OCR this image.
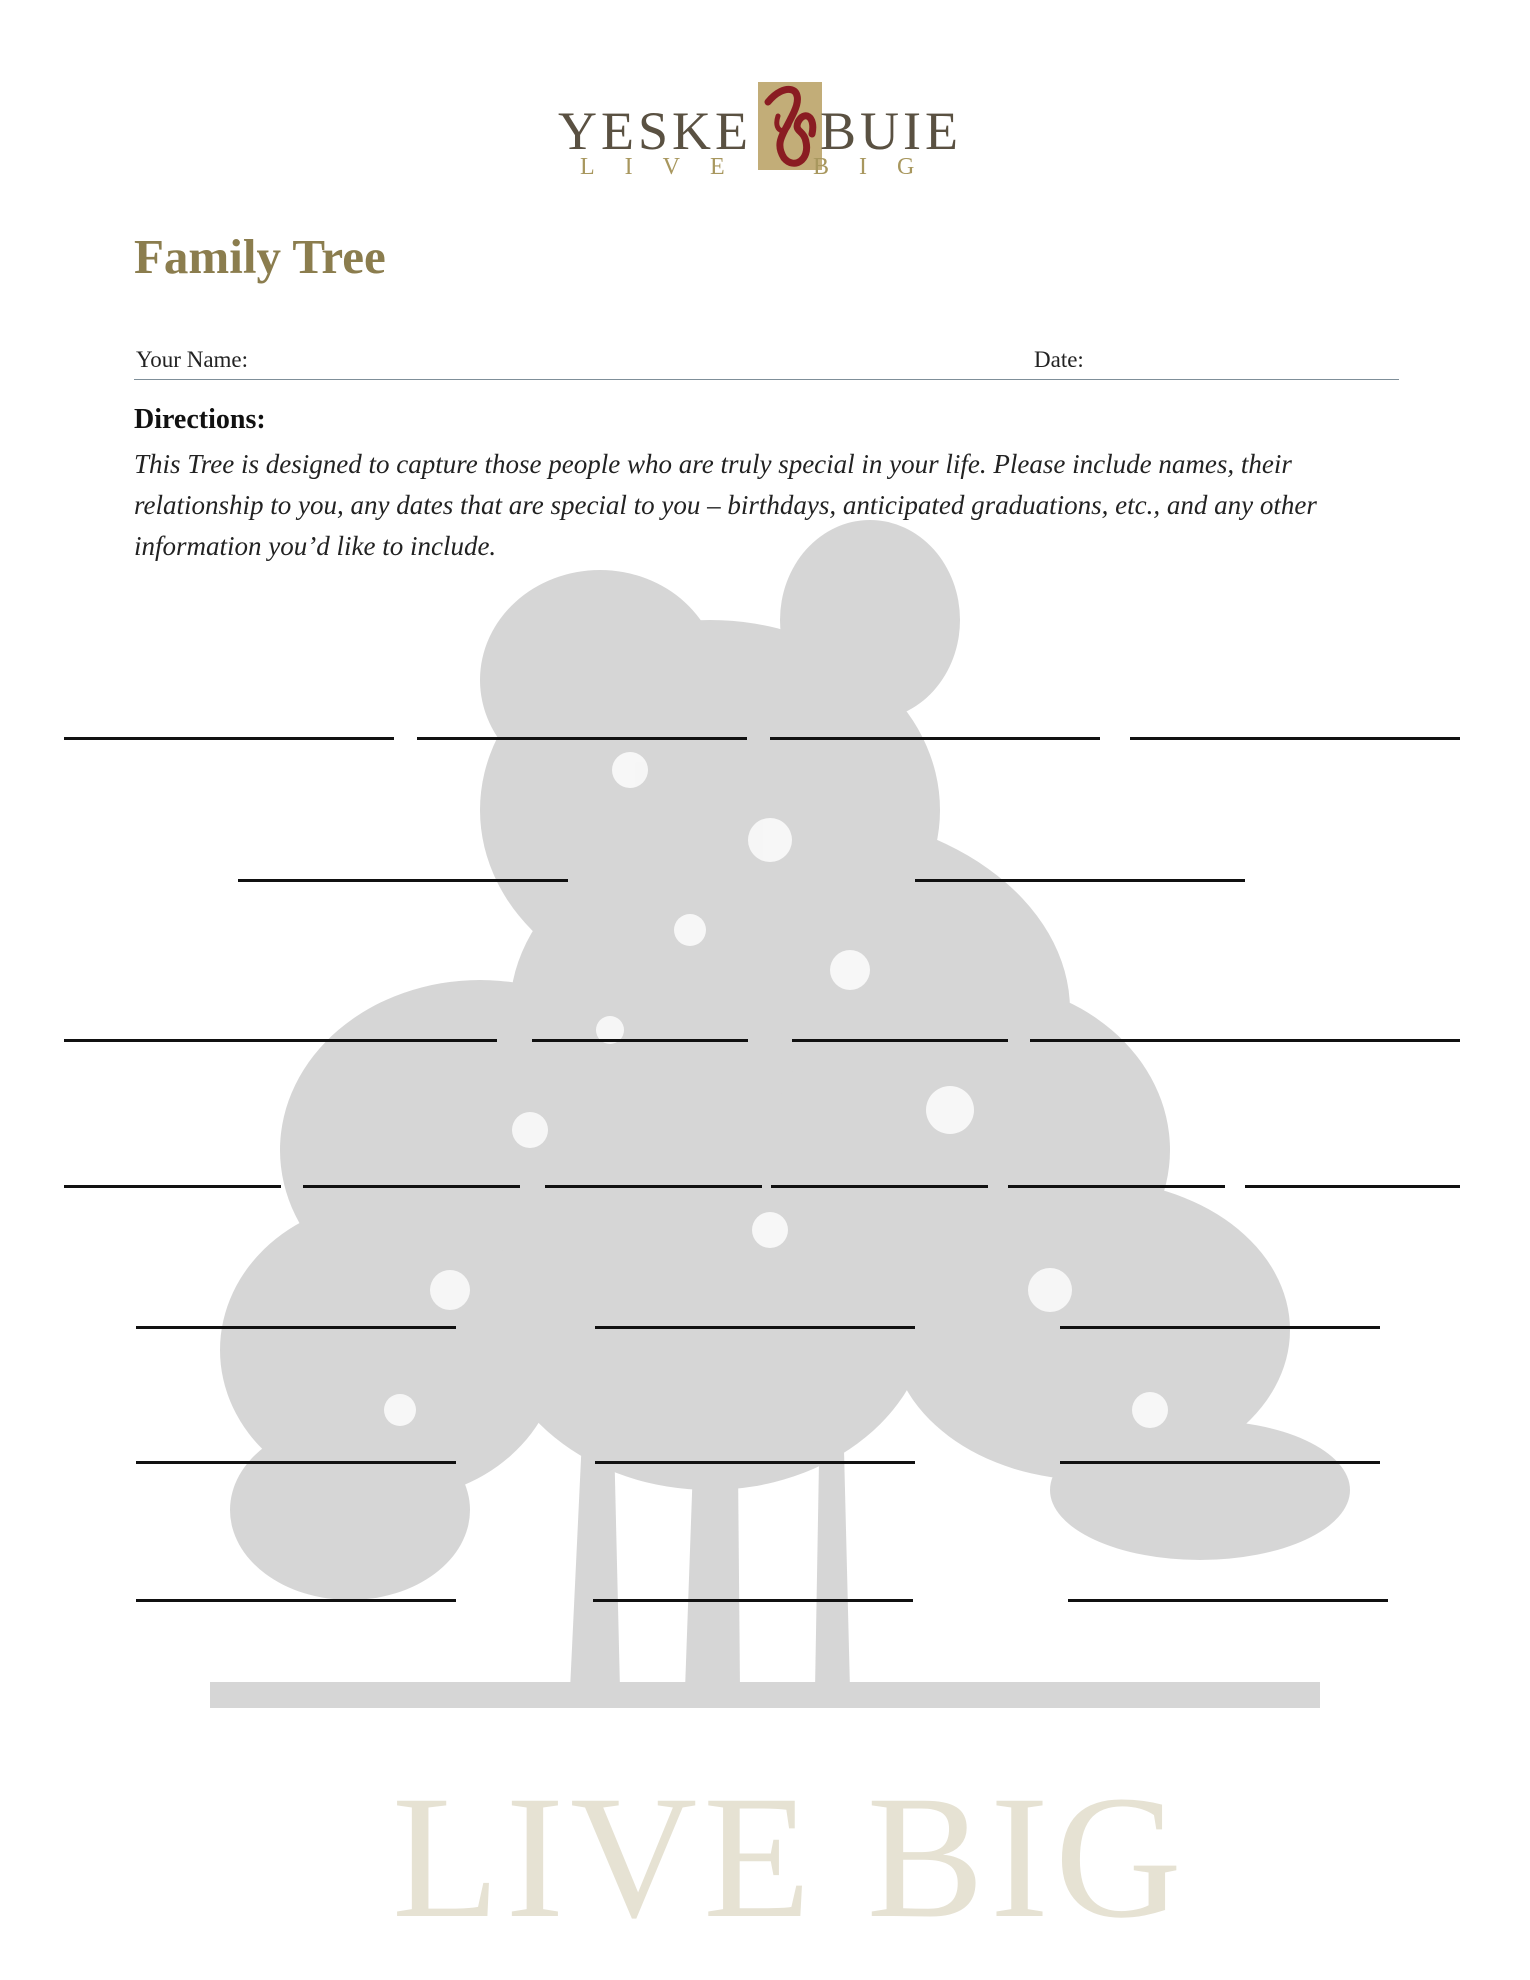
YESKE BUIE
LIVE BIG
Family Tree
Your Name:	Date:
Directions:
This Tree is designed to capture those people who are truly special in your life. Please include names, their relationship to you, any dates that are special to you – birthdays, anticipated graduations, etc., and any other information you’d like to include.
LIVE BIG
